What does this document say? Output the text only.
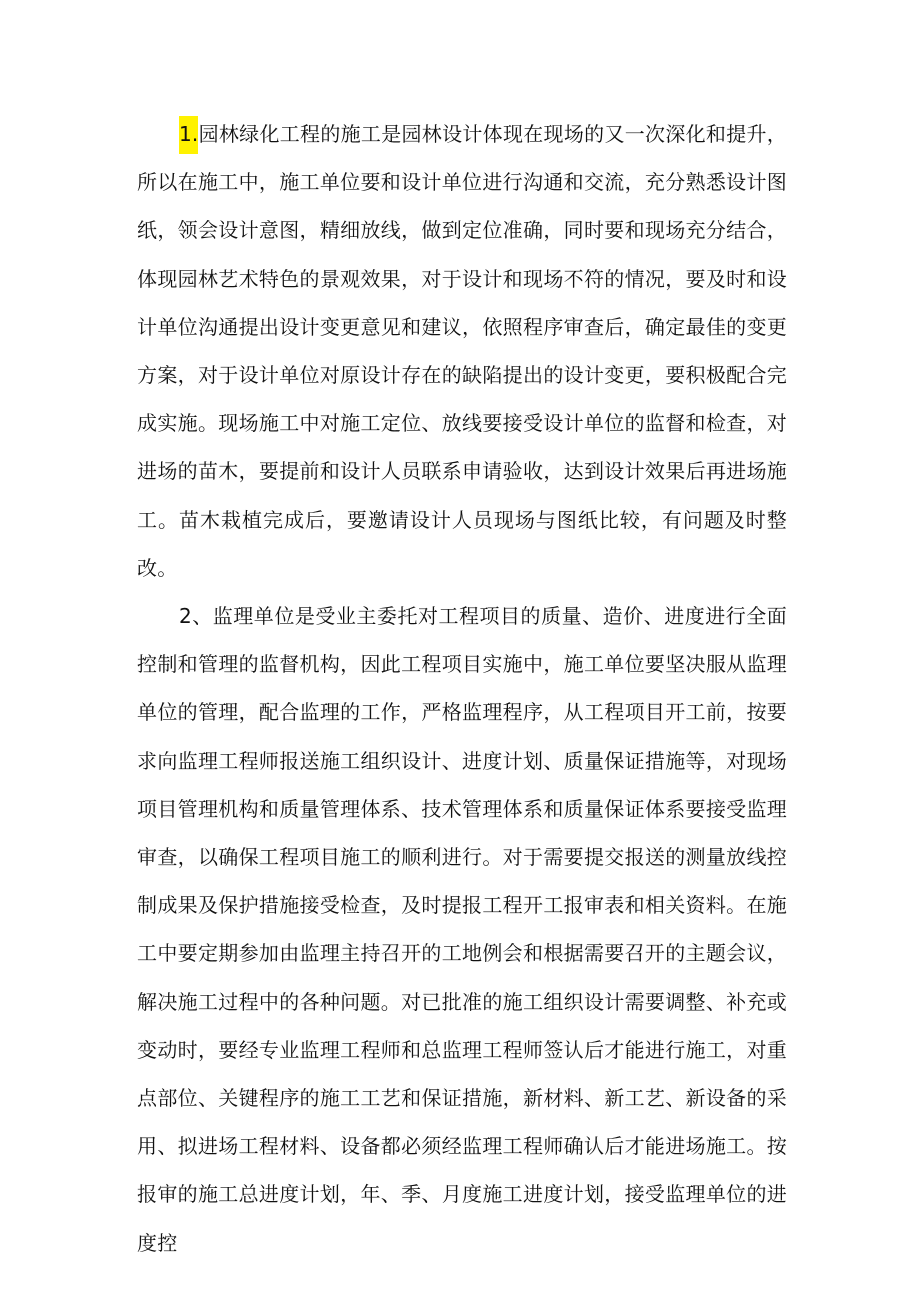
1.园林绿化工程的施工是园林设计体现在现场的又一次深化和提升，所以在施工中，施工单位要和设计单位进行沟通和交流，充分熟悉设计图纸，领会设计意图，精细放线，做到定位准确，同时要和现场充分结合，体现园林艺术特色的景观效果，对于设计和现场不符的情况，要及时和设计单位沟通提出设计变更意见和建议，依照程序审查后，确定最佳的变更方案，对于设计单位对原设计存在的缺陷提出的设计变更，要积极配合完成实施。现场施工中对施工定位、放线要接受设计单位的监督和检查，对进场的苗木，要提前和设计人员联系申请验收，达到设计效果后再进场施工。苗木栽植完成后，要邀请设计人员现场与图纸比较，有问题及时整改。

2、监理单位是受业主委托对工程项目的质量、造价、进度进行全面控制和管理的监督机构，因此工程项目实施中，施工单位要坚决服从监理单位的管理，配合监理的工作，严格监理程序，从工程项目开工前，按要求向监理工程师报送施工组织设计、进度计划、质量保证措施等，对现场项目管理机构和质量管理体系、技术管理体系和质量保证体系要接受监理审查，以确保工程项目施工的顺利进行。对于需要提交报送的测量放线控制成果及保护措施接受检查，及时提报工程开工报审表和相关资料。在施工中要定期参加由监理主持召开的工地例会和根据需要召开的主题会议，解决施工过程中的各种问题。对已批准的施工组织设计需要调整、补充或变动时，要经专业监理工程师和总监理工程师签认后才能进行施工，对重点部位、关键程序的施工工艺和保证措施，新材料、新工艺、新设备的采用、拟进场工程材料、设备都必须经监理工程师确认后才能进场施工。按报审的施工总进度计划，年、季、月度施工进度计划，接受监理单位的进度控
